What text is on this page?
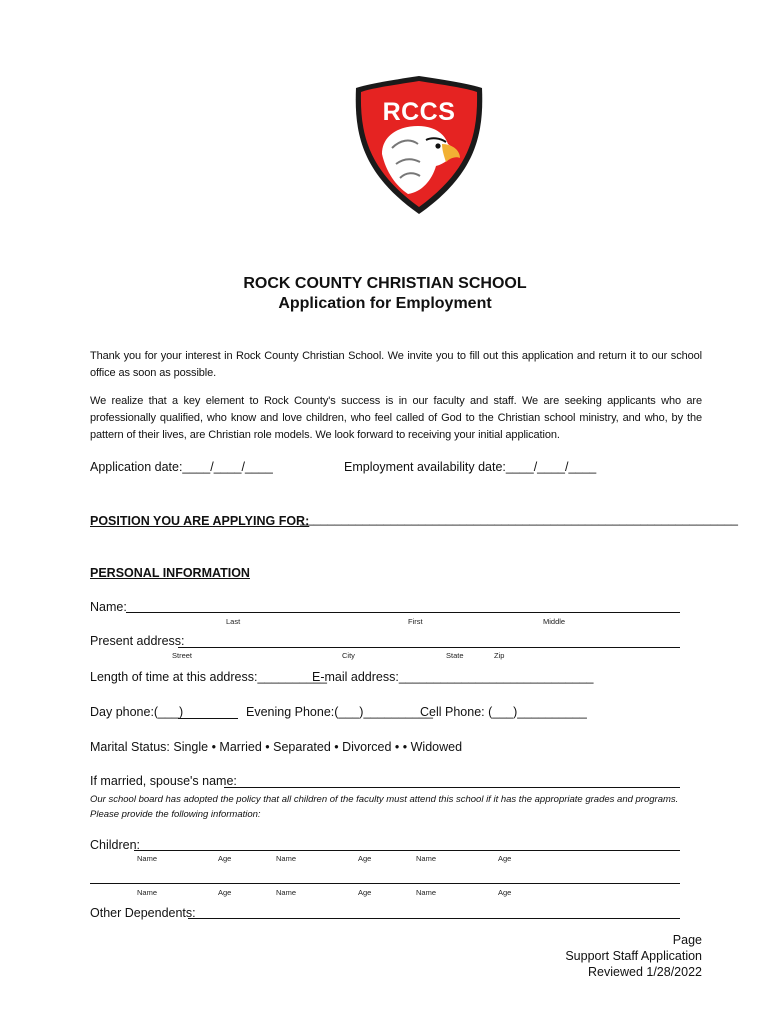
RCCS
ROCK COUNTY CHRISTIAN SCHOOL
Application for Employment
Thank you for your interest in Rock County Christian School. We invite you to fill out this application and return it to our school office as soon as possible.
We realize that a key element to Rock County's success is in our faculty and staff. We are seeking applicants who are professionally qualified, who know and love children, who feel called of God to the Christian school ministry, and who, by the pattern of their lives, are Christian role models. We look forward to receiving your initial application.
Application date:____/____/____	Employment availability date:____/____/____
POSITION YOU ARE APPLYING FOR:
_______________________________________________________________
PERSONAL INFORMATION
Name:
Last	First	Middle
Present address:
Street	City	State	Zip
Length of time at this address:__________
E-mail address:____________________________
Day phone:(___)	Evening Phone:(___)__________
Cell Phone: (___)__________
Marital Status: Single • Married • Separated • Divorced • • Widowed
If married, spouse's name:
Our school board has adopted the policy that all children of the faculty must attend this school if it has the appropriate grades and programs. Please provide the following information:
Children:
Name	Age	Name	Age	Name	Age
Name	Age	Name	Age	Name	Age
Other Dependents:
Page
Support Staff Application
Reviewed 1/28/2022
